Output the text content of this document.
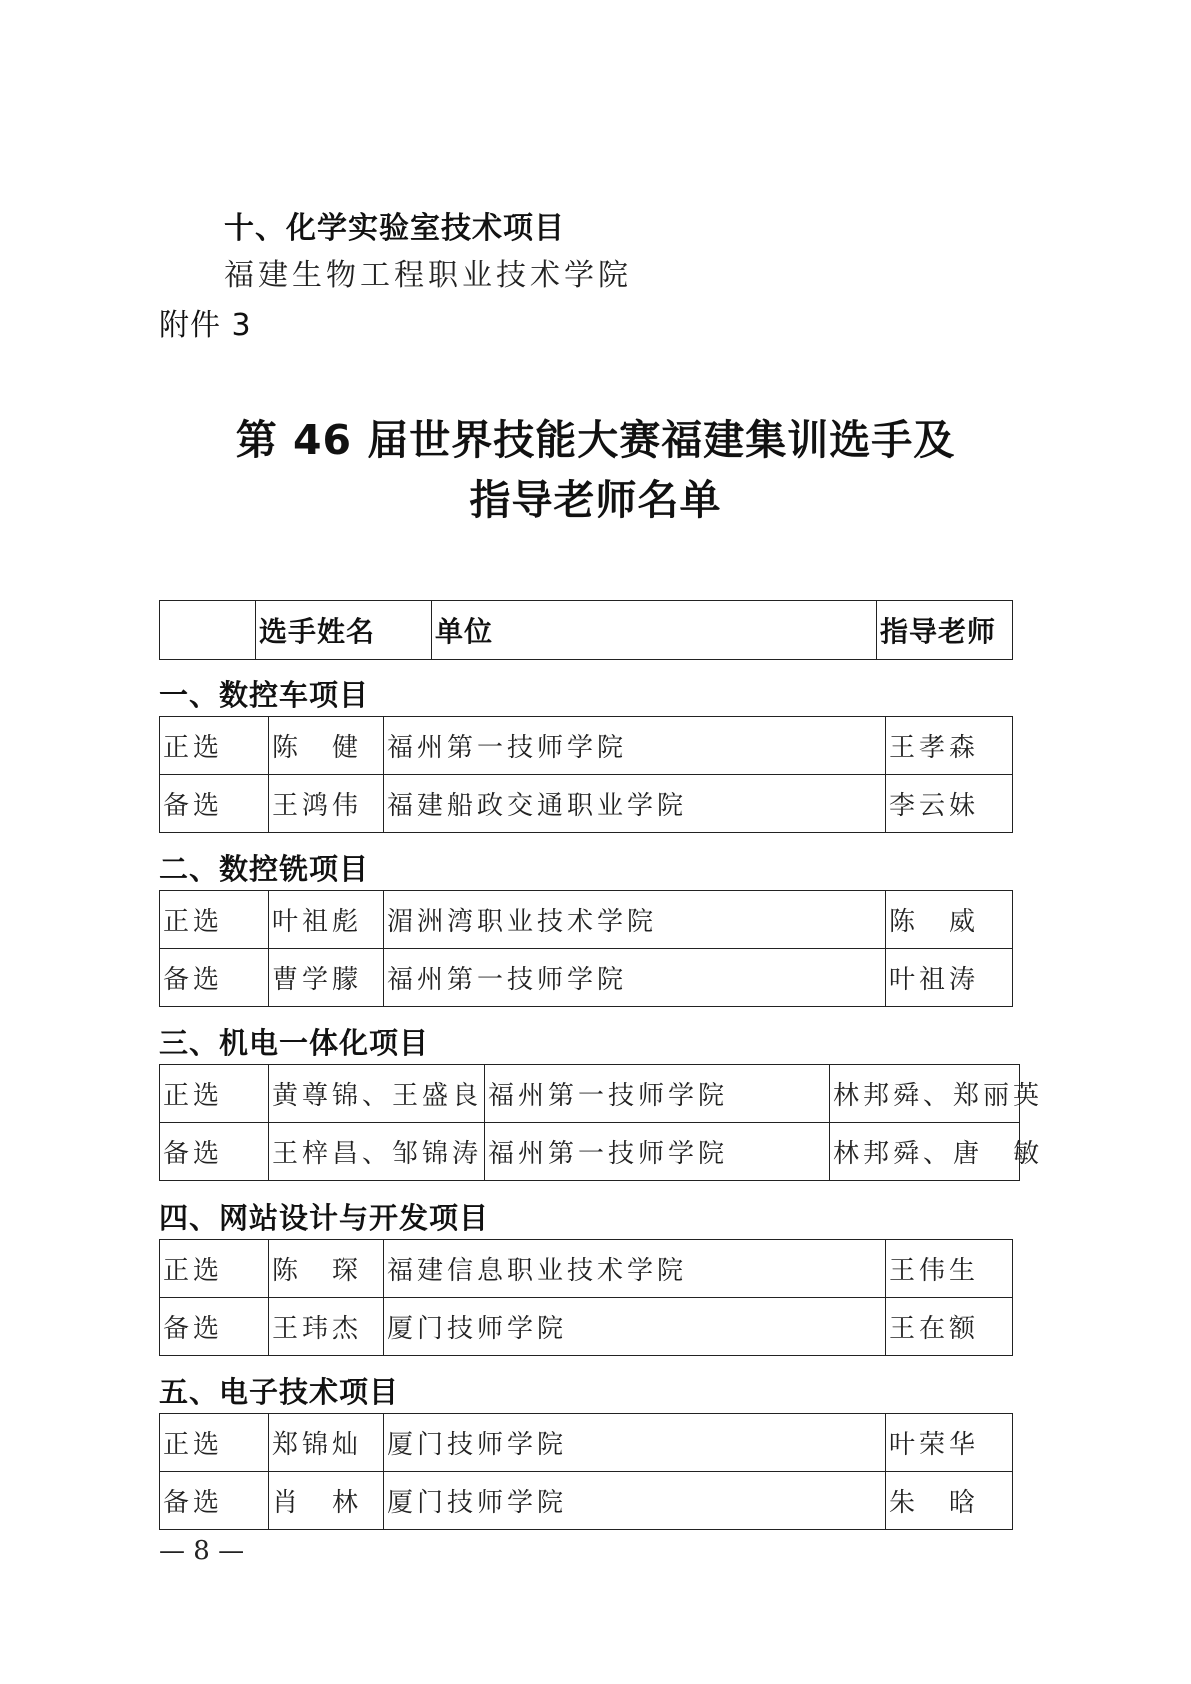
十、化学实验室技术项目
福建生物工程职业技术学院
附件 3
第 46 届世界技能大赛福建集训选手及
指导老师名单
	选手姓名	单位	指导老师
一、数控车项目
正选	陈　健	福州第一技师学院	王孝森
备选	王鸿伟	福建船政交通职业学院	李云妹
二、数控铣项目
正选	叶祖彪	湄洲湾职业技术学院	陈　威
备选	曹学朦	福州第一技师学院	叶祖涛
三、机电一体化项目
正选	黄尊锦、王盛良	福州第一技师学院	林邦舜、郑丽英
备选	王梓昌、邹锦涛	福州第一技师学院	林邦舜、唐　敏
四、网站设计与开发项目
正选	陈　琛	福建信息职业技术学院	王伟生
备选	王玮杰	厦门技师学院	王在额
五、电子技术项目
正选	郑锦灿	厦门技师学院	叶荣华
备选	肖　林	厦门技师学院	朱　晗
— 8 —
